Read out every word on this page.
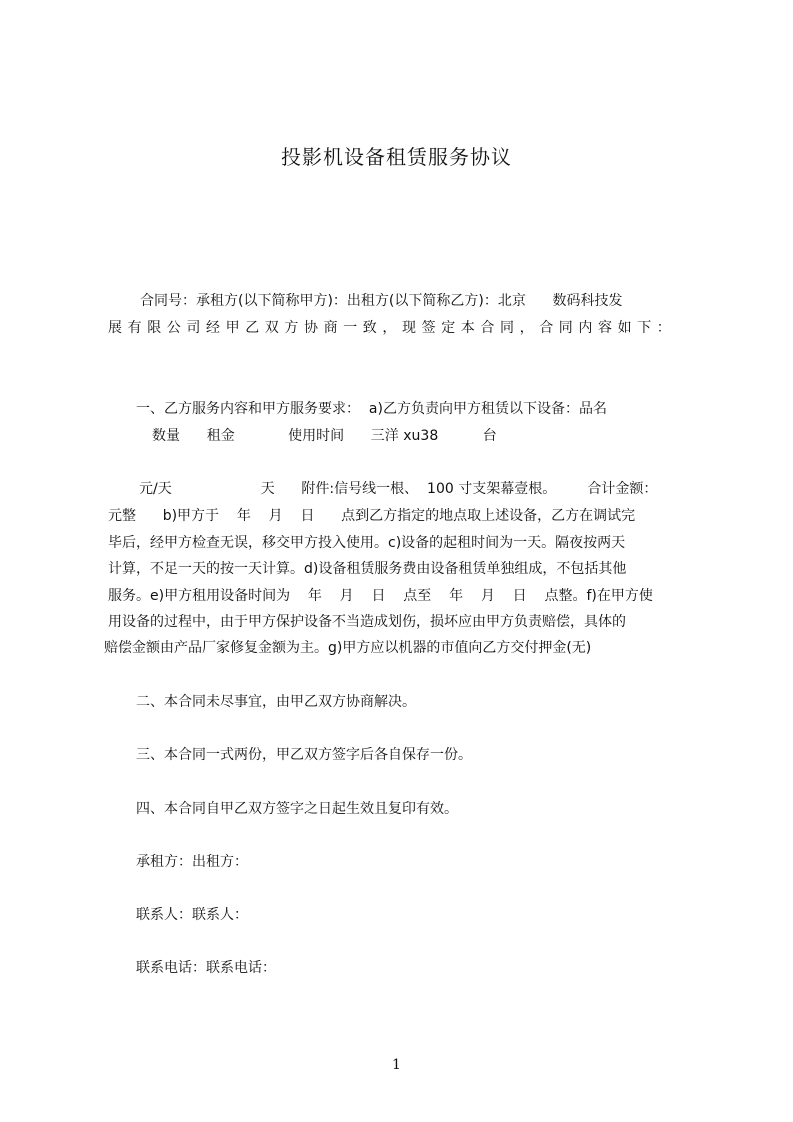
投影机设备租赁服务协议
合同号：承租方(以下简称甲方)：出租方(以下简称乙方)：北京      数码科技发
展有限公司经甲乙双方协商一致，现签定本合同，合同内容如下：
一、乙方服务内容和甲方服务要求：  a)乙方负责向甲方租赁以下设备：品名
数量      租金            使用时间      三洋 xu38          台
元/天                    天      附件:信号线一根、  100 寸支架幕壹根。       合计金额：
元整      b)甲方于    年    月    日      点到乙方指定的地点取上述设备，乙方在调试完
毕后，经甲方检查无误，移交甲方投入使用。c)设备的起租时间为一天。隔夜按两天
计算，不足一天的按一天计算。d)设备租赁服务费由设备租赁单独组成，不包括其他
服务。e)甲方租用设备时间为    年    月    日    点至    年    月    日    点整。f)在甲方使
用设备的过程中，由于甲方保护设备不当造成划伤，损坏应由甲方负责赔偿，具体的
赔偿金额由产品厂家修复金额为主。g)甲方应以机器的市值向乙方交付押金(无)
二、本合同未尽事宜，由甲乙双方协商解决。
三、本合同一式两份，甲乙双方签字后各自保存一份。
四、本合同自甲乙双方签字之日起生效且复印有效。
承租方：出租方：
联系人：联系人：
联系电话：联系电话：
1
